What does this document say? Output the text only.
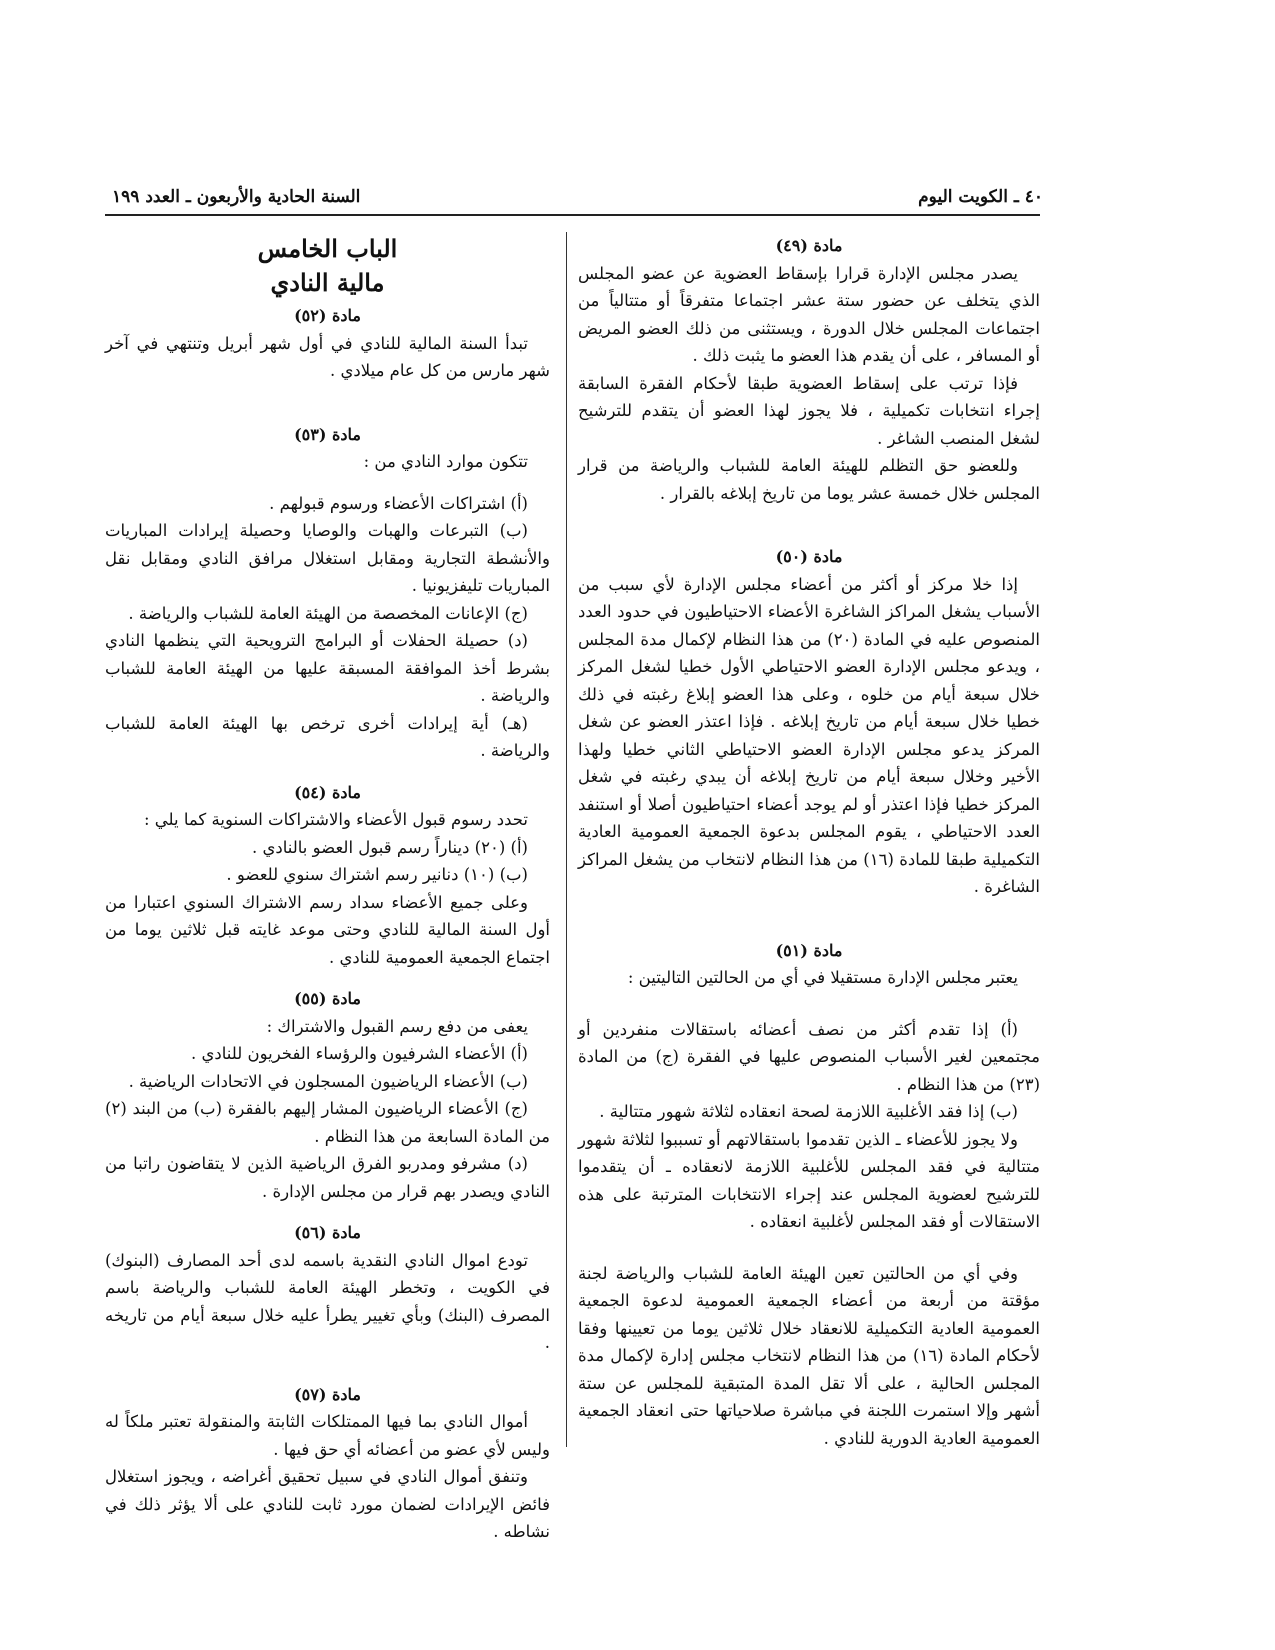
السنة الحادية والأربعون ـ العدد ١٩٩	٤٠ ـ الكويت اليوم

مادة (٤٩)

يصدر مجلس الإدارة قرارا بإسقاط العضوية عن عضو المجلس الذي يتخلف عن حضور ستة عشر اجتماعا متفرقاً أو متتالياً من اجتماعات المجلس خلال الدورة ، ويستثنى من ذلك العضو المريض أو المسافر ، على أن يقدم هذا العضو ما يثبت ذلك .

فإذا ترتب على إسقاط العضوية طبقا لأحكام الفقرة السابقة إجراء انتخابات تكميلية ، فلا يجوز لهذا العضو أن يتقدم للترشيح لشغل المنصب الشاغر .

وللعضو حق التظلم للهيئة العامة للشباب والرياضة من قرار المجلس خلال خمسة عشر يوما من تاريخ إبلاغه بالقرار .

مادة (٥٠)

إذا خلا مركز أو أكثر من أعضاء مجلس الإدارة لأي سبب من الأسباب يشغل المراكز الشاغرة الأعضاء الاحتياطيون في حدود العدد المنصوص عليه في المادة (٢٠) من هذا النظام لإكمال مدة المجلس ، ويدعو مجلس الإدارة العضو الاحتياطي الأول خطيا لشغل المركز خلال سبعة أيام من خلوه ، وعلى هذا العضو إبلاغ رغبته في ذلك خطيا خلال سبعة أيام من تاريخ إبلاغه . فإذا اعتذر العضو عن شغل المركز يدعو مجلس الإدارة العضو الاحتياطي الثاني خطيا ولهذا الأخير وخلال سبعة أيام من تاريخ إبلاغه أن يبدي رغبته في شغل المركز خطيا فإذا اعتذر أو لم يوجد أعضاء احتياطيون أصلا أو استنفد العدد الاحتياطي ، يقوم المجلس بدعوة الجمعية العمومية العادية التكميلية طبقا للمادة (١٦) من هذا النظام لانتخاب من يشغل المراكز الشاغرة .

مادة (٥١)

يعتبر مجلس الإدارة مستقيلا في أي من الحالتين التاليتين :

(أ) إذا تقدم أكثر من نصف أعضائه باستقالات منفردين أو مجتمعين لغير الأسباب المنصوص عليها في الفقرة (ج) من المادة (٢٣) من هذا النظام .

(ب) إذا فقد الأغلبية اللازمة لصحة انعقاده لثلاثة شهور متتالية .

ولا يجوز للأعضاء ـ الذين تقدموا باستقالاتهم أو تسببوا لثلاثة شهور متتالية في فقد المجلس للأغلبية اللازمة لانعقاده ـ أن يتقدموا للترشيح لعضوية المجلس عند إجراء الانتخابات المترتبة على هذه الاستقالات أو فقد المجلس لأغلبية انعقاده .

وفي أي من الحالتين تعين الهيئة العامة للشباب والرياضة لجنة مؤقتة من أربعة من أعضاء الجمعية العمومية لدعوة الجمعية العمومية العادية التكميلية للانعقاد خلال ثلاثين يوما من تعيينها وفقا لأحكام المادة (١٦) من هذا النظام لانتخاب مجلس إدارة لإكمال مدة المجلس الحالية ، على ألا تقل المدة المتبقية للمجلس عن ستة أشهر وإلا استمرت اللجنة في مباشرة صلاحياتها حتى انعقاد الجمعية العمومية العادية الدورية للنادي .

الباب الخامس

مالية النادي

مادة (٥٢)

تبدأ السنة المالية للنادي في أول شهر أبريل وتنتهي في آخر شهر مارس من كل عام ميلادي .

مادة (٥٣)

تتكون موارد النادي من :

(أ) اشتراكات الأعضاء ورسوم قبولهم .

(ب) التبرعات والهبات والوصايا وحصيلة إيرادات المباريات والأنشطة التجارية ومقابل استغلال مرافق النادي ومقابل نقل المباريات تليفزيونيا .

(ج) الإعانات المخصصة من الهيئة العامة للشباب والرياضة .

(د) حصيلة الحفلات أو البرامج الترويحية التي ينظمها النادي بشرط أخذ الموافقة المسبقة عليها من الهيئة العامة للشباب والرياضة .

(هـ) أية إيرادات أخرى ترخص بها الهيئة العامة للشباب والرياضة .

مادة (٥٤)

تحدد رسوم قبول الأعضاء والاشتراكات السنوية كما يلي :

(أ) (٢٠) ديناراً رسم قبول العضو بالنادي .

(ب) (١٠) دنانير رسم اشتراك سنوي للعضو .

وعلى جميع الأعضاء سداد رسم الاشتراك السنوي اعتبارا من أول السنة المالية للنادي وحتى موعد غايته قبل ثلاثين يوما من اجتماع الجمعية العمومية للنادي .

مادة (٥٥)

يعفى من دفع رسم القبول والاشتراك :

(أ) الأعضاء الشرفيون والرؤساء الفخريون للنادي .

(ب) الأعضاء الرياضيون المسجلون في الاتحادات الرياضية .

(ج) الأعضاء الرياضيون المشار إليهم بالفقرة (ب) من البند (٢) من المادة السابعة من هذا النظام .

(د) مشرفو ومدربو الفرق الرياضية الذين لا يتقاضون راتبا من النادي ويصدر بهم قرار من مجلس الإدارة .

مادة (٥٦)

تودع اموال النادي النقدية باسمه لدى أحد المصارف (البنوك) في الكويت ، وتخطر الهيئة العامة للشباب والرياضة باسم المصرف (البنك) وبأي تغيير يطرأ عليه خلال سبعة أيام من تاريخه .

مادة (٥٧)

أموال النادي بما فيها الممتلكات الثابتة والمنقولة تعتبر ملكاً له وليس لأي عضو من أعضائه أي حق فيها .

وتنفق أموال النادي في سبيل تحقيق أغراضه ، ويجوز استغلال فائض الإيرادات لضمان مورد ثابت للنادي على ألا يؤثر ذلك في نشاطه .
